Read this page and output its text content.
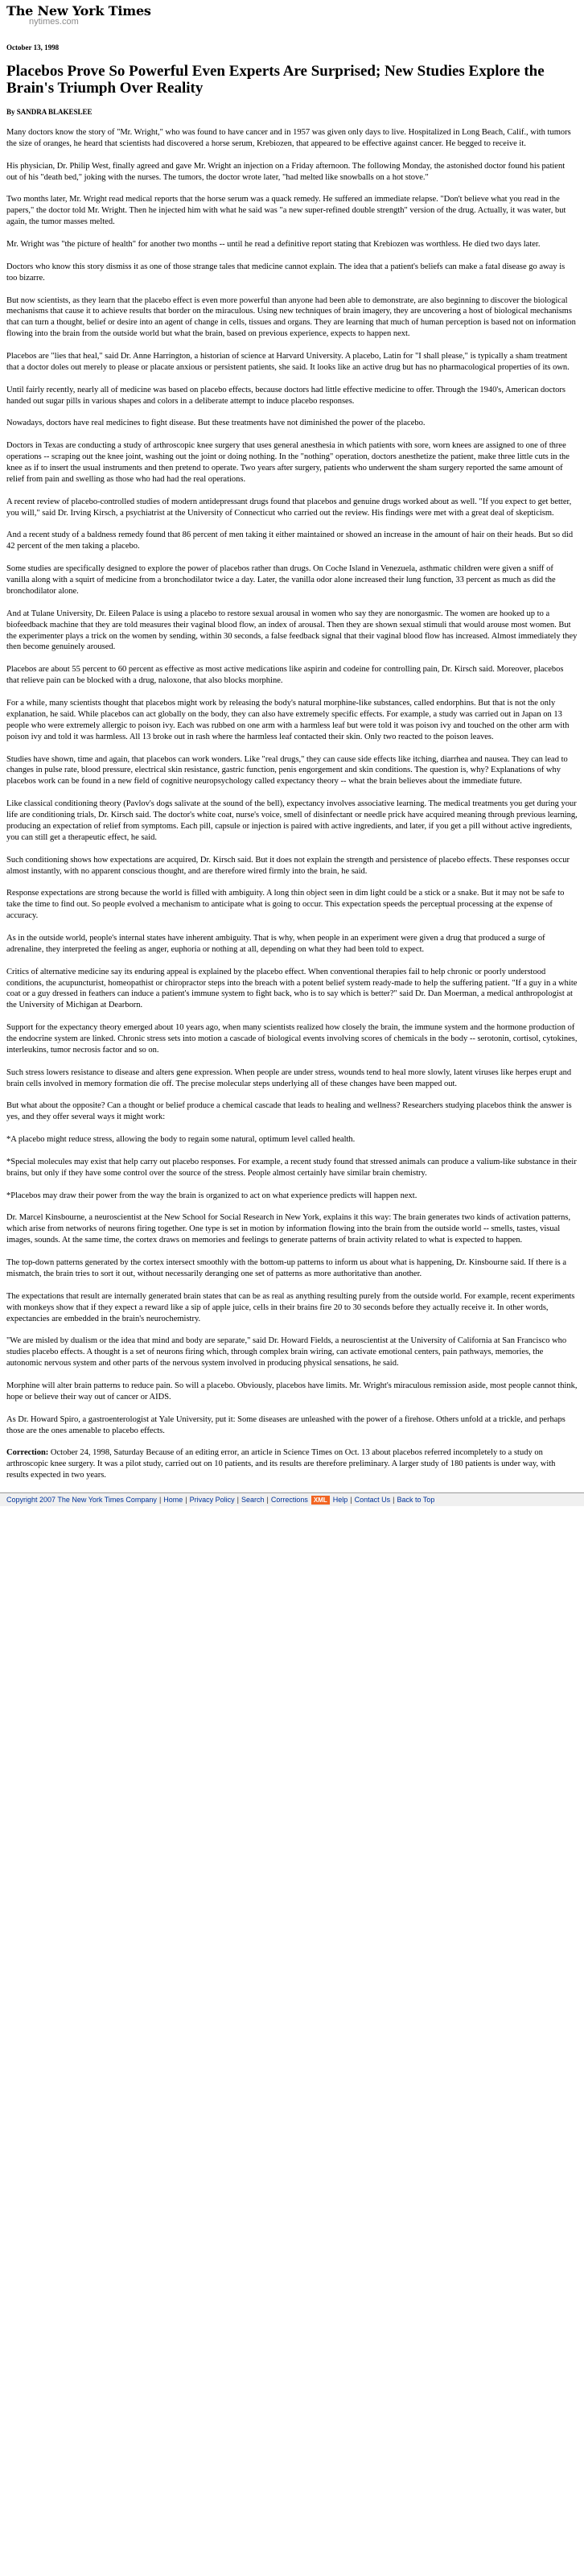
The New York Times
nytimes.com
October 13, 1998
Placebos Prove So Powerful Even Experts Are Surprised; New Studies Explore the Brain's Triumph Over Reality
By SANDRA BLAKESLEE

Many doctors know the story of "Mr. Wright," who was found to have cancer and in 1957 was given only days to live. Hospitalized in Long Beach, Calif., with tumors the size of oranges, he heard that scientists had discovered a horse serum, Krebiozen, that appeared to be effective against cancer. He begged to receive it.

His physician, Dr. Philip West, finally agreed and gave Mr. Wright an injection on a Friday afternoon. The following Monday, the astonished doctor found his patient out of his "death bed," joking with the nurses. The tumors, the doctor wrote later, "had melted like snowballs on a hot stove."

Two months later, Mr. Wright read medical reports that the horse serum was a quack remedy. He suffered an immediate relapse. "Don't believe what you read in the papers," the doctor told Mr. Wright. Then he injected him with what he said was "a new super-refined double strength" version of the drug. Actually, it was water, but again, the tumor masses melted.

Mr. Wright was "the picture of health" for another two months -- until he read a definitive report stating that Krebiozen was worthless. He died two days later.

Doctors who know this story dismiss it as one of those strange tales that medicine cannot explain. The idea that a patient's beliefs can make a fatal disease go away is too bizarre.

But now scientists, as they learn that the placebo effect is even more powerful than anyone had been able to demonstrate, are also beginning to discover the biological mechanisms that cause it to achieve results that border on the miraculous. Using new techniques of brain imagery, they are uncovering a host of biological mechanisms that can turn a thought, belief or desire into an agent of change in cells, tissues and organs. They are learning that much of human perception is based not on information flowing into the brain from the outside world but what the brain, based on previous experience, expects to happen next.

Placebos are "lies that heal," said Dr. Anne Harrington, a historian of science at Harvard University. A placebo, Latin for "I shall please," is typically a sham treatment that a doctor doles out merely to please or placate anxious or persistent patients, she said. It looks like an active drug but has no pharmacological properties of its own.

Until fairly recently, nearly all of medicine was based on placebo effects, because doctors had little effective medicine to offer. Through the 1940's, American doctors handed out sugar pills in various shapes and colors in a deliberate attempt to induce placebo responses.

Nowadays, doctors have real medicines to fight disease. But these treatments have not diminished the power of the placebo.

Doctors in Texas are conducting a study of arthroscopic knee surgery that uses general anesthesia in which patients with sore, worn knees are assigned to one of three operations -- scraping out the knee joint, washing out the joint or doing nothing. In the "nothing" operation, doctors anesthetize the patient, make three little cuts in the knee as if to insert the usual instruments and then pretend to operate. Two years after surgery, patients who underwent the sham surgery reported the same amount of relief from pain and swelling as those who had had the real operations.

A recent review of placebo-controlled studies of modern antidepressant drugs found that placebos and genuine drugs worked about as well. "If you expect to get better, you will," said Dr. Irving Kirsch, a psychiatrist at the University of Connecticut who carried out the review. His findings were met with a great deal of skepticism.

And a recent study of a baldness remedy found that 86 percent of men taking it either maintained or showed an increase in the amount of hair on their heads. But so did 42 percent of the men taking a placebo.

Some studies are specifically designed to explore the power of placebos rather than drugs. On Coche Island in Venezuela, asthmatic children were given a sniff of vanilla along with a squirt of medicine from a bronchodilator twice a day. Later, the vanilla odor alone increased their lung function, 33 percent as much as did the bronchodilator alone.

And at Tulane University, Dr. Eileen Palace is using a placebo to restore sexual arousal in women who say they are nonorgasmic. The women are hooked up to a biofeedback machine that they are told measures their vaginal blood flow, an index of arousal. Then they are shown sexual stimuli that would arouse most women. But the experimenter plays a trick on the women by sending, within 30 seconds, a false feedback signal that their vaginal blood flow has increased. Almost immediately they then become genuinely aroused.

Placebos are about 55 percent to 60 percent as effective as most active medications like aspirin and codeine for controlling pain, Dr. Kirsch said. Moreover, placebos that relieve pain can be blocked with a drug, naloxone, that also blocks morphine.

For a while, many scientists thought that placebos might work by releasing the body's natural morphine-like substances, called endorphins. But that is not the only explanation, he said. While placebos can act globally on the body, they can also have extremely specific effects. For example, a study was carried out in Japan on 13 people who were extremely allergic to poison ivy. Each was rubbed on one arm with a harmless leaf but were told it was poison ivy and touched on the other arm with poison ivy and told it was harmless. All 13 broke out in rash where the harmless leaf contacted their skin. Only two reacted to the poison leaves.

Studies have shown, time and again, that placebos can work wonders. Like "real drugs," they can cause side effects like itching, diarrhea and nausea. They can lead to changes in pulse rate, blood pressure, electrical skin resistance, gastric function, penis engorgement and skin conditions. The question is, why? Explanations of why placebos work can be found in a new field of cognitive neuropsychology called expectancy theory -- what the brain believes about the immediate future.

Like classical conditioning theory (Pavlov's dogs salivate at the sound of the bell), expectancy involves associative learning. The medical treatments you get during your life are conditioning trials, Dr. Kirsch said. The doctor's white coat, nurse's voice, smell of disinfectant or needle prick have acquired meaning through previous learning, producing an expectation of relief from symptoms. Each pill, capsule or injection is paired with active ingredients, and later, if you get a pill without active ingredients, you can still get a therapeutic effect, he said.

Such conditioning shows how expectations are acquired, Dr. Kirsch said. But it does not explain the strength and persistence of placebo effects. These responses occur almost instantly, with no apparent conscious thought, and are therefore wired firmly into the brain, he said.

Response expectations are strong because the world is filled with ambiguity. A long thin object seen in dim light could be a stick or a snake. But it may not be safe to take the time to find out. So people evolved a mechanism to anticipate what is going to occur. This expectation speeds the perceptual processing at the expense of accuracy.

As in the outside world, people's internal states have inherent ambiguity. That is why, when people in an experiment were given a drug that produced a surge of adrenaline, they interpreted the feeling as anger, euphoria or nothing at all, depending on what they had been told to expect.

Critics of alternative medicine say its enduring appeal is explained by the placebo effect. When conventional therapies fail to help chronic or poorly understood conditions, the acupuncturist, homeopathist or chiropractor steps into the breach with a potent belief system ready-made to help the suffering patient. "If a guy in a white coat or a guy dressed in feathers can induce a patient's immune system to fight back, who is to say which is better?" said Dr. Dan Moerman, a medical anthropologist at the University of Michigan at Dearborn.

Support for the expectancy theory emerged about 10 years ago, when many scientists realized how closely the brain, the immune system and the hormone production of the endocrine system are linked. Chronic stress sets into motion a cascade of biological events involving scores of chemicals in the body -- serotonin, cortisol, cytokines, interleukins, tumor necrosis factor and so on.

Such stress lowers resistance to disease and alters gene expression. When people are under stress, wounds tend to heal more slowly, latent viruses like herpes erupt and brain cells involved in memory formation die off. The precise molecular steps underlying all of these changes have been mapped out.

But what about the opposite? Can a thought or belief produce a chemical cascade that leads to healing and wellness? Researchers studying placebos think the answer is yes, and they offer several ways it might work:

*A placebo might reduce stress, allowing the body to regain some natural, optimum level called health.

*Special molecules may exist that help carry out placebo responses. For example, a recent study found that stressed animals can produce a valium-like substance in their brains, but only if they have some control over the source of the stress. People almost certainly have similar brain chemistry.

*Placebos may draw their power from the way the brain is organized to act on what experience predicts will happen next.

Dr. Marcel Kinsbourne, a neuroscientist at the New School for Social Research in New York, explains it this way: The brain generates two kinds of activation patterns, which arise from networks of neurons firing together. One type is set in motion by information flowing into the brain from the outside world -- smells, tastes, visual images, sounds. At the same time, the cortex draws on memories and feelings to generate patterns of brain activity related to what is expected to happen.

The top-down patterns generated by the cortex intersect smoothly with the bottom-up patterns to inform us about what is happening, Dr. Kinsbourne said. If there is a mismatch, the brain tries to sort it out, without necessarily deranging one set of patterns as more authoritative than another.

The expectations that result are internally generated brain states that can be as real as anything resulting purely from the outside world. For example, recent experiments with monkeys show that if they expect a reward like a sip of apple juice, cells in their brains fire 20 to 30 seconds before they actually receive it. In other words, expectancies are embedded in the brain's neurochemistry.

"We are misled by dualism or the idea that mind and body are separate," said Dr. Howard Fields, a neuroscientist at the University of California at San Francisco who studies placebo effects. A thought is a set of neurons firing which, through complex brain wiring, can activate emotional centers, pain pathways, memories, the autonomic nervous system and other parts of the nervous system involved in producing physical sensations, he said.

Morphine will alter brain patterns to reduce pain. So will a placebo. Obviously, placebos have limits. Mr. Wright's miraculous remission aside, most people cannot think, hope or believe their way out of cancer or AIDS.

As Dr. Howard Spiro, a gastroenterologist at Yale University, put it: Some diseases are unleashed with the power of a firehose. Others unfold at a trickle, and perhaps those are the ones amenable to placebo effects.

Correction: October 24, 1998, Saturday Because of an editing error, an article in Science Times on Oct. 13 about placebos referred incompletely to a study on arthroscopic knee surgery. It was a pilot study, carried out on 10 patients, and its results are therefore preliminary. A larger study of 180 patients is under way, with results expected in two years.

Copyright 2007 The New York Times Company | Home | Privacy Policy | Search | Corrections XML Help | Contact Us | Back to Top
